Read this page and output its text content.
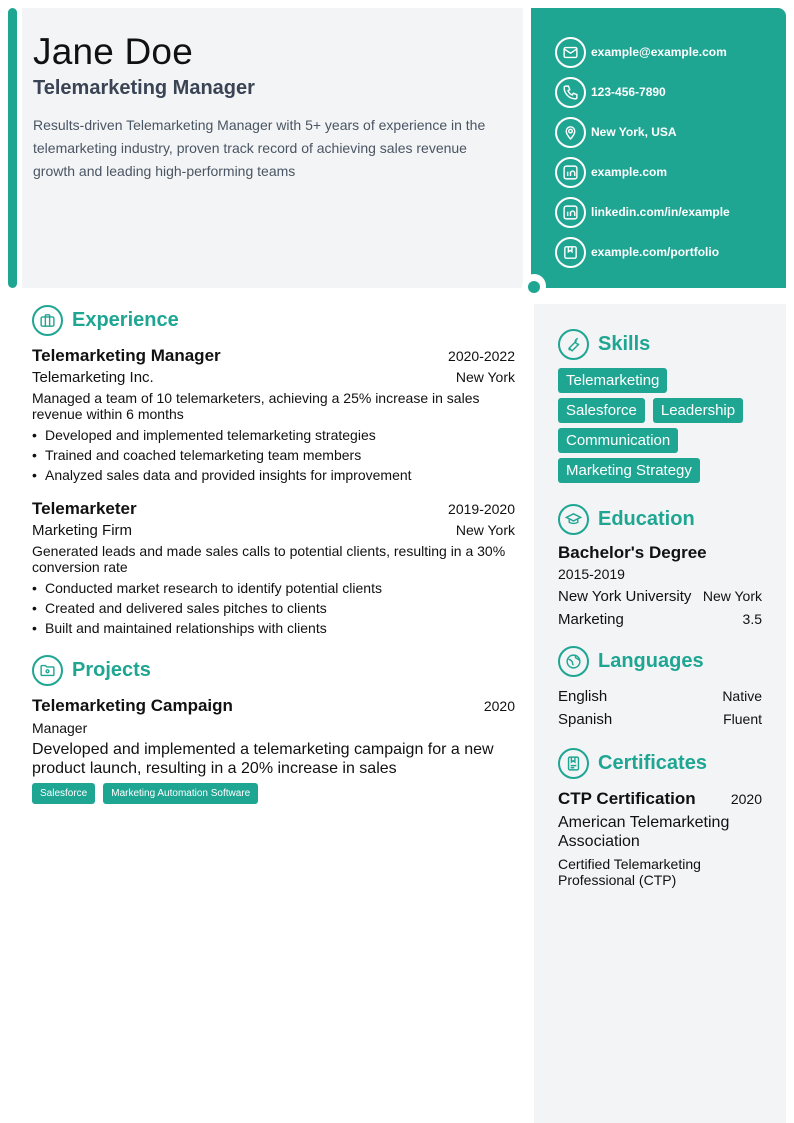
Jane Doe
Telemarketing Manager

Results-driven Telemarketing Manager with 5+ years of experience in the telemarketing industry, proven track record of achieving sales revenue growth and leading high-performing teams

example@example.com
123-456-7890
New York, USA
example.com
linkedin.com/in/example
example.com/portfolio
Experience
Telemarketing Manager	2020-2022
Telemarketing Inc.	New York

Managed a team of 10 telemarketers, achieving a 25% increase in sales revenue within 6 months

• Developed and implemented telemarketing strategies
• Trained and coached telemarketing team members
• Analyzed sales data and provided insights for improvement
Telemarketer	2019-2020
Marketing Firm	New York

Generated leads and made sales calls to potential clients, resulting in a 30% conversion rate

• Conducted market research to identify potential clients
• Created and delivered sales pitches to clients
• Built and maintained relationships with clients
Projects
Telemarketing Campaign	2020
Manager

Developed and implemented a telemarketing campaign for a new product launch, resulting in a 20% increase in sales

Salesforce	Marketing Automation Software
Skills
Telemarketing
Salesforce	Leadership
Communication
Marketing Strategy
Education
Bachelor's Degree
2015-2019
New York University New York
Marketing	3.5
Languages
English	Native
Spanish	Fluent
Certificates
CTP Certification	2020
American Telemarketing Association
Certified Telemarketing Professional (CTP)
